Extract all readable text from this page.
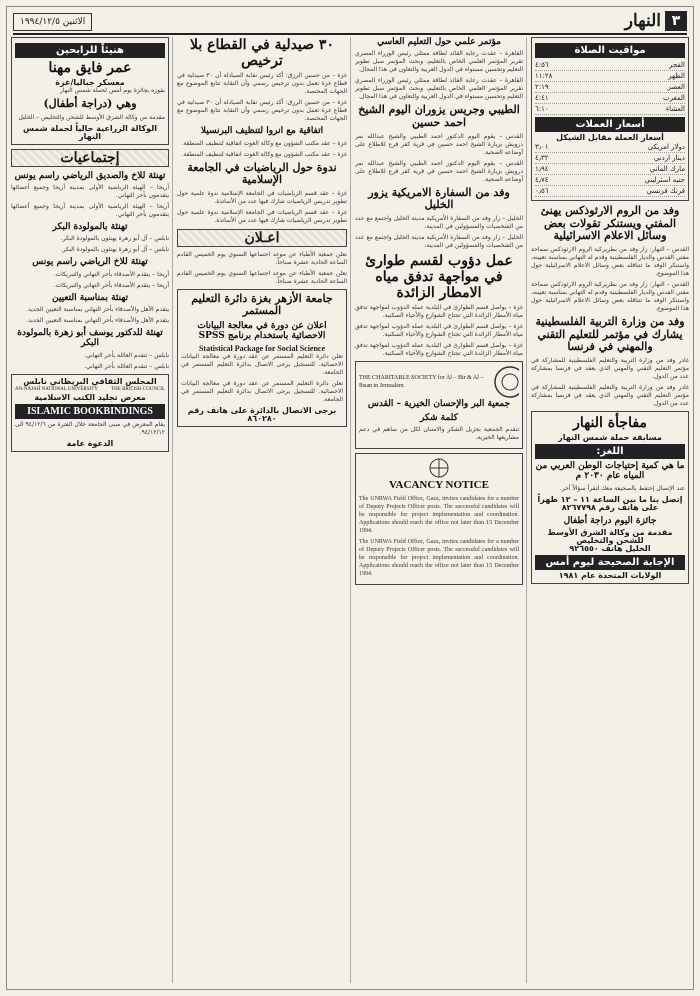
٣
النهار
الاثنين ١٩٩٤/١٢/٥
مواقيت الصلاة
الفجر
٤:٥٦
الظهر
١١:٢٨
العصر
٢:١٩
المغرب
٤:٤١
العشاء
٦:١٠
أسعار العملات
أسعار العملة مقابل الشيكل
دولار امريكي
٣٫٠١
دينار اردني
٤٫٣٢
مارك الماني
١٫٩٤
جنيه استرليني
٤٫٧٤
فرنك فرنسي
٠٫٥٦
وفد من الروم الارثوذكس يهنئ المفتي ويستنكر تقولات بعض وسائل الاعلام الاسرائيلية

القدس – النهار: زار وفد من بطريركية الروم الارثوذكس سماحة مفتي القدس والديار الفلسطينية وقدم له التهاني بمناسبة تعيينه، واستنكر الوفد ما تتناقله بعض وسائل الاعلام الاسرائيلية حول هذا الموضوع.

القدس – النهار: زار وفد من بطريركية الروم الارثوذكس سماحة مفتي القدس والديار الفلسطينية وقدم له التهاني بمناسبة تعيينه، واستنكر الوفد ما تتناقله بعض وسائل الاعلام الاسرائيلية حول هذا الموضوع.

وفد من وزارة التربية الفلسطينية يشارك في مؤتمر للتعليم التقني والمهني في فرنسا

غادر وفد من وزارة التربية والتعليم الفلسطينية للمشاركة في مؤتمر التعليم التقني والمهني الذي يعقد في فرنسا بمشاركة عدد من الدول.

غادر وفد من وزارة التربية والتعليم الفلسطينية للمشاركة في مؤتمر التعليم التقني والمهني الذي يعقد في فرنسا بمشاركة عدد من الدول.

مفاجأة النهار
مسابقة حملة شمس النهار
اللغز:
ما هي كمية إحتياجات الوطن العربي من المياه عام ٢٠٣٠ م

عند الإتصال إحتفظ بالصحيفة معك لتقرأ سؤالاً أخر.

إتصل بنا ما بين الساعة ١١ – ١٢ ظهراً على هاتف رقم ٨٢٦٧٧٩٨
جائزة اليوم دراجة أطفال
مقدمة من وكالة الشرق الأوسط للشحن والتخليص
الخليل هاتف ٩٢٦٥٥٠
الإجابة الصحيحة ليوم أمس
الولايات المتحدة عام ١٩٨١
مؤتمر علمي حول التعليم العاسي

القاهرة – عقدت رعاية القائد لطاقة ممثلي رئيس الوزراء المصري تقرير المؤتمر العلمي الخاص بالتعليم، وبحث المؤتمر سبل تطوير التعليم وتحسين مستواه في الدول العربية والتعاون في هذا المجال.

القاهرة – عقدت رعاية القائد لطاقة ممثلي رئيس الوزراء المصري تقرير المؤتمر العلمي الخاص بالتعليم، وبحث المؤتمر سبل تطوير التعليم وتحسين مستواه في الدول العربية والتعاون في هذا المجال.

الطيبي وجريس يزوران اليوم الشيخ احمد حسين

القدس – يقوم اليوم الدكتور احمد الطيبي والشيخ عبدالله نمر درويش بزيارة الشيخ احمد حسين في قرية كفر قرع للاطلاع على أوضاعه الصحية.

القدس – يقوم اليوم الدكتور احمد الطيبي والشيخ عبدالله نمر درويش بزيارة الشيخ احمد حسين في قرية كفر قرع للاطلاع على أوضاعه الصحية.

وفد من السفارة الامريكية يزور الخليل

الخليل – زار وفد من السفارة الأمريكية مدينة الخليل واجتمع مع عدد من الشخصيات والمسؤولين في المدينة.

الخليل – زار وفد من السفارة الأمريكية مدينة الخليل واجتمع مع عدد من الشخصيات والمسؤولين في المدينة.

عمل دؤوب لقسم طوارئ في مواجهة تدفق مياه الامطار الزائدة

غزة – يواصل قسم الطوارئ في البلدية عمله الدؤوب لمواجهة تدفق مياه الأمطار الزائدة التي تجتاح الشوارع والأحياء السكنية.

غزة – يواصل قسم الطوارئ في البلدية عمله الدؤوب لمواجهة تدفق مياه الأمطار الزائدة التي تجتاح الشوارع والأحياء السكنية.

غزة – يواصل قسم الطوارئ في البلدية عمله الدؤوب لمواجهة تدفق مياه الأمطار الزائدة التي تجتاح الشوارع والأحياء السكنية.

THE CHARITABLE SOCIETY for Al – Bir & Al – Ihsan in Jerusalem
جمعية البر والإحسان الخيرية – القدس
كلمة شكر

تتقدم الجمعية بجزيل الشكر والامتنان لكل من ساهم في دعم مشاريعها الخيرية.

VACANCY NOTICE

The UNRWA Field Office, Gaza, invites candidates for a number of Deputy Projects Officer posts. The successful candidates will be responsible for project implementation and coordination. Applications should reach the office not later than 15 December 1994.

The UNRWA Field Office, Gaza, invites candidates for a number of Deputy Projects Officer posts. The successful candidates will be responsible for project implementation and coordination. Applications should reach the office not later than 15 December 1994.

٣٠ صيدلية في القطاع بلا ترخيص

غزة – من حسين الرزق: أكد رئيس نقابة الصيادلة أن ٣٠ صيدلية في قطاع غزة تعمل بدون ترخيص رسمي وأن النقابة تتابع الموضوع مع الجهات المختصة.

غزة – من حسين الرزق: أكد رئيس نقابة الصيادلة أن ٣٠ صيدلية في قطاع غزة تعمل بدون ترخيص رسمي وأن النقابة تتابع الموضوع مع الجهات المختصة.

اتفاقية مع انروا لتنظيف البرنسيلا

غزة – عقد مكتب الشؤون مع وكالة الغوث اتفاقية لتنظيف المنطقة.

غزة – عقد مكتب الشؤون مع وكالة الغوث اتفاقية لتنظيف المنطقة.

ندوة حول الرياضيات في الجامعة الإسلامية

غزة – عقد قسم الرياضيات في الجامعة الإسلامية ندوة علمية حول تطوير تدريس الرياضيات شارك فيها عدد من الأساتذة.

غزة – عقد قسم الرياضيات في الجامعة الإسلامية ندوة علمية حول تطوير تدريس الرياضيات شارك فيها عدد من الأساتذة.

اعـلان

تعلن جمعية الأطباء عن موعد اجتماعها السنوي يوم الخميس القادم الساعة الحادية عشرة صباحاً.

تعلن جمعية الأطباء عن موعد اجتماعها السنوي يوم الخميس القادم الساعة الحادية عشرة صباحاً.

جامعة الأزهر بغزة دائرة التعليم المستمر
اعلان عن دورة في معالجة البيانات الاحصائية باستخدام برنامج SPSS
Statistical Package for Social Science

تعلن دائرة التعليم المستمر عن عقد دورة في معالجة البيانات الاحصائية. للتسجيل يرجى الاتصال بدائرة التعليم المستمر في الجامعة.

تعلن دائرة التعليم المستمر عن عقد دورة في معالجة البيانات الاحصائية. للتسجيل يرجى الاتصال بدائرة التعليم المستمر في الجامعة.

برجى الاتصال بالدائرة على هاتف رقم ٨٦٠٢٨٠
هنيئاً للرابحين
عمر فايق مهنا
معسكر جباليا/غزة

بفوزه بجائزة يوم أمس لحملة شمس النهار

وهي (دراجة أطفال)

مقدمة من وكالة الشرق الأوسط للشحن والتخليص – الخليل

الوكالة الزراعية حالياً لحملة شمس النهار
إجتماعيات
تهنئة للاخ والصديق الرياضي راسم يونس

أريحا – الهيئة الرياضية الأولى بمدينة أريحا وجميع أعضائها يتقدمون بأحر التهاني.

أريحا – الهيئة الرياضية الأولى بمدينة أريحا وجميع أعضائها يتقدمون بأحر التهاني.

تهنئة بالمولودة البكر

نابلس – آل أبو زهرة يهنئون بالمولودة البكر.

نابلس – آل أبو زهرة يهنئون بالمولودة البكر.

تهنئة للاخ الرياضي راسم يونس

أريحا – يتقدم الأصدقاء بأحر التهاني والتبريكات.

أريحا – يتقدم الأصدقاء بأحر التهاني والتبريكات.

تهنئة بمناسبة التعيين

يتقدم الأهل والأصدقاء بأحر التهاني بمناسبة التعيين الجديد.

يتقدم الأهل والأصدقاء بأحر التهاني بمناسبة التعيين الجديد.

تهنئة للدكتور يوسف أبو زهرة بالمولودة البكر

نابلس – تتقدم العائلة بأحر التهاني.

نابلس – تتقدم العائلة بأحر التهاني.

المجلس الثقافي البريطاني نابلس
AN-NAJAH NATIONAL UNIVERSITY	THE BRITISH COUNCIL
معرض تجليد الكتب الاسلامية
ISLAMIC BOOKBINDINGS

يقام المعرض في مبنى الجامعة خلال الفترة من ٩٤/١٢/٦ الى ٩٤/١٢/١٢.

الدعوة عامة
